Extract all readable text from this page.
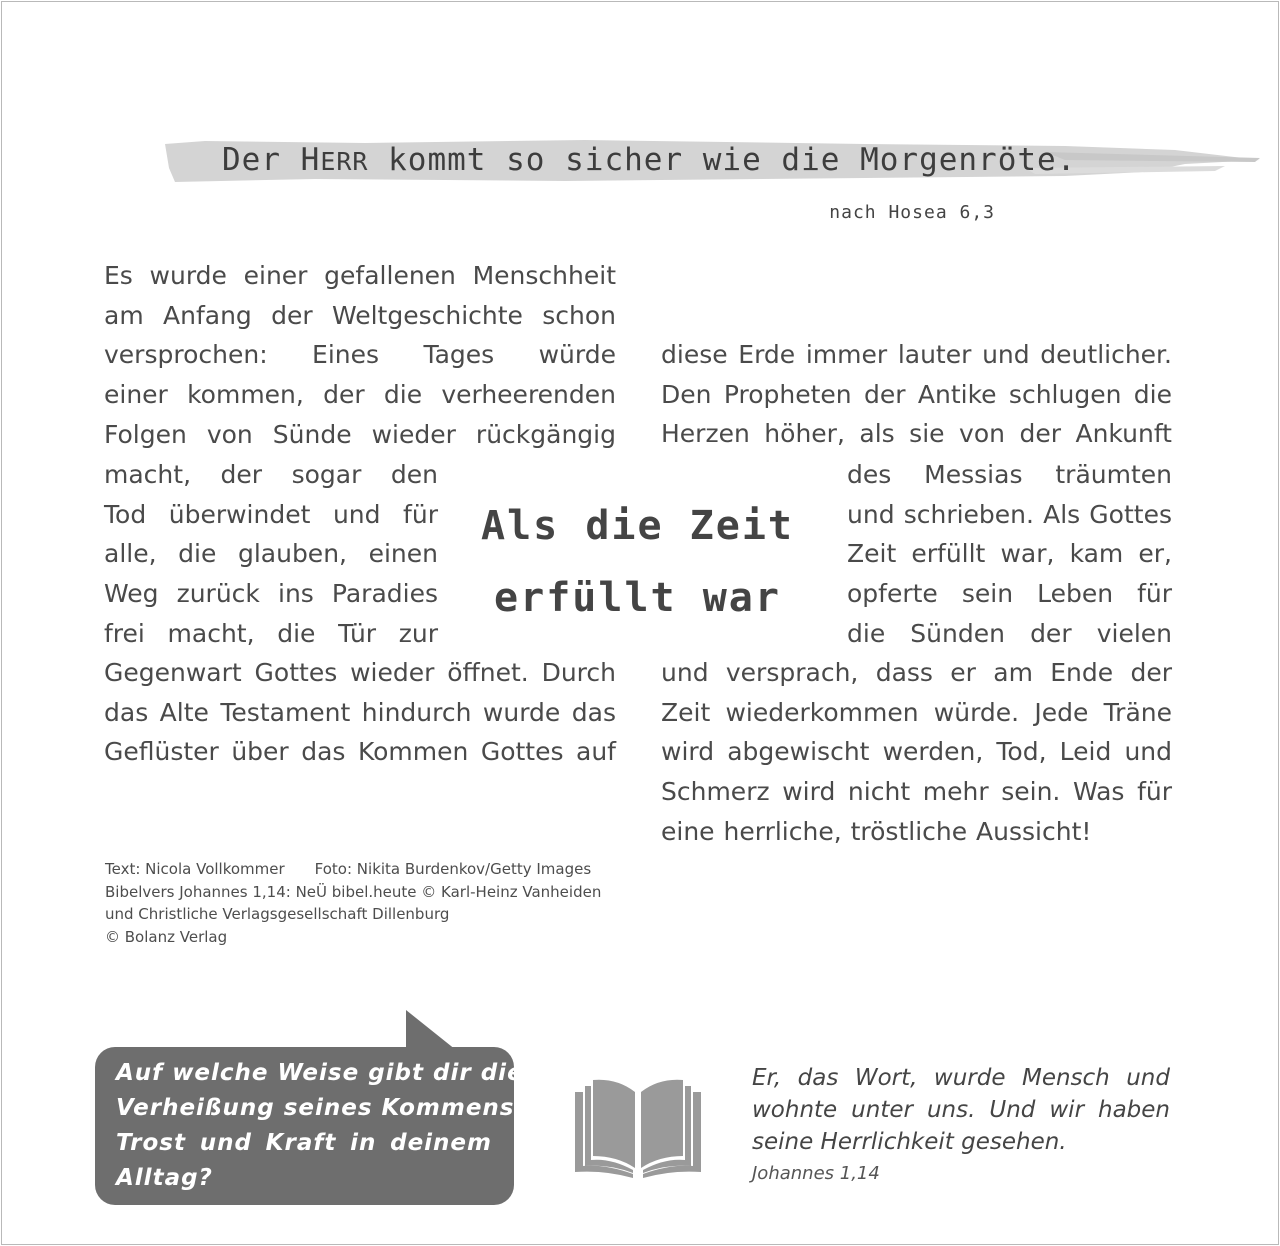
Der HERR kommt so sicher wie die Morgenröte.
nach Hosea 6,3
Es wurde einer gefallenen Menschheit
am Anfang der Weltgeschichte schon
versprochen: Eines Tages würde
einer kommen, der die verheerenden
Folgen von Sünde wieder rückgängig
macht, der sogar den
Tod überwindet und für
alle, die glauben, einen
Weg zurück ins Paradies
frei macht, die Tür zur
Gegenwart Gottes wieder öffnet. Durch
das Alte Testament hindurch wurde das
Geflüster über das Kommen Gottes auf
diese Erde immer lauter und deutlicher.
Den Propheten der Antike schlugen die
Herzen höher, als sie von der Ankunft
des Messias träumten
und schrieben. Als Gottes
Zeit erfüllt war, kam er,
opferte sein Leben für
die Sünden der vielen
und versprach, dass er am Ende der
Zeit wiederkommen würde. Jede Träne
wird abgewischt werden, Tod, Leid und
Schmerz wird nicht mehr sein. Was für
eine herrliche, tröstliche Aussicht!
Als die Zeit
erfüllt war
Text: Nicola Vollkommer Foto: Nikita Burdenkov/Getty Images
Bibelvers Johannes 1,14: NeÜ bibel.heute © Karl-Heinz Vanheiden
und Christliche Verlagsgesellschaft Dillenburg
© Bolanz Verlag
Auf welche Weise gibt dir die
Verheißung seines Kommens
Trost und Kraft in deinem
Alltag?
Er, das Wort, wurde Mensch und
wohnte unter uns. Und wir haben
seine Herrlichkeit gesehen.
Johannes 1,14
